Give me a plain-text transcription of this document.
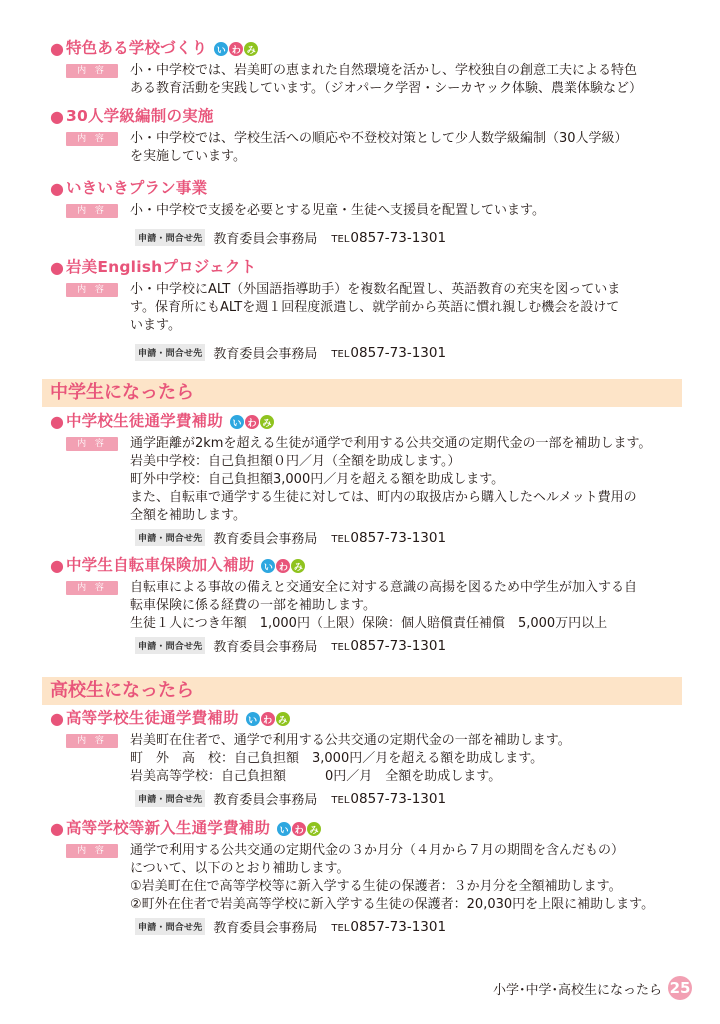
● 特色ある学校づくり	い わ み
内 容	小・中学校では、岩美町の恵まれた自然環境を活かし、学校独自の創意工夫による特色

ある教育活動を実践しています。（ジオパーク学習・シーカヤック体験、農業体験など）

● 30人学級編制の実施
内 容	小・中学校では、学校生活への順応や不登校対策として少人数学級編制（30人学級）

を実施しています。

● いきいきプラン事業
内 容	小・中学校で支援を必要とする児童・生徒へ支援員を配置しています。

申請・問合せ先 教育委員会事務局 TEL0857-73-1301
● 岩美Englishプロジェクト
内 容	小・中学校にALT（外国語指導助手）を複数名配置し、英語教育の充実を図っていま

す。保育所にもALTを週１回程度派遣し、就学前から英語に慣れ親しむ機会を設けて

います。

申請・問合せ先 教育委員会事務局 TEL0857-73-1301
中学生になったら
● 中学校生徒通学費補助	い わ み
内 容	通学距離が2kmを超える生徒が通学で利用する公共交通の定期代金の一部を補助します。

岩美中学校：自己負担額０円／月（全額を助成します。）

町外中学校：自己負担額3,000円／月を超える額を助成します。

また、自転車で通学する生徒に対しては、町内の取扱店から購入したヘルメット費用の

全額を補助します。

申請・問合せ先 教育委員会事務局 TEL0857-73-1301
● 中学生自転車保険加入補助	い わ み
内 容	自転車による事故の備えと交通安全に対する意識の高揚を図るため中学生が加入する自

転車保険に係る経費の一部を補助します。

生徒１人につき年額　1,000円（上限）保険：個人賠償責任補償　5,000万円以上

申請・問合せ先 教育委員会事務局 TEL0857-73-1301
高校生になったら
● 高等学校生徒通学費補助	い わ み
内 容	岩美町在住者で、通学で利用する公共交通の定期代金の一部を補助します。

町　外　高　校：自己負担額　3,000円／月を超える額を助成します。

岩美高等学校：自己負担額　　　0円／月　全額を助成します。

申請・問合せ先 教育委員会事務局 TEL0857-73-1301
● 高等学校等新入生通学費補助	い わ み
内 容	通学で利用する公共交通の定期代金の３か月分（４月から７月の期間を含んだもの）

について、以下のとおり補助します。

①岩美町在住で高等学校等に新入学する生徒の保護者：３か月分を全額補助します。

②町外在住者で岩美高等学校に新入学する生徒の保護者：20,030円を上限に補助します。

申請・問合せ先 教育委員会事務局 TEL0857-73-1301
小学･中学･高校生になったら 25
